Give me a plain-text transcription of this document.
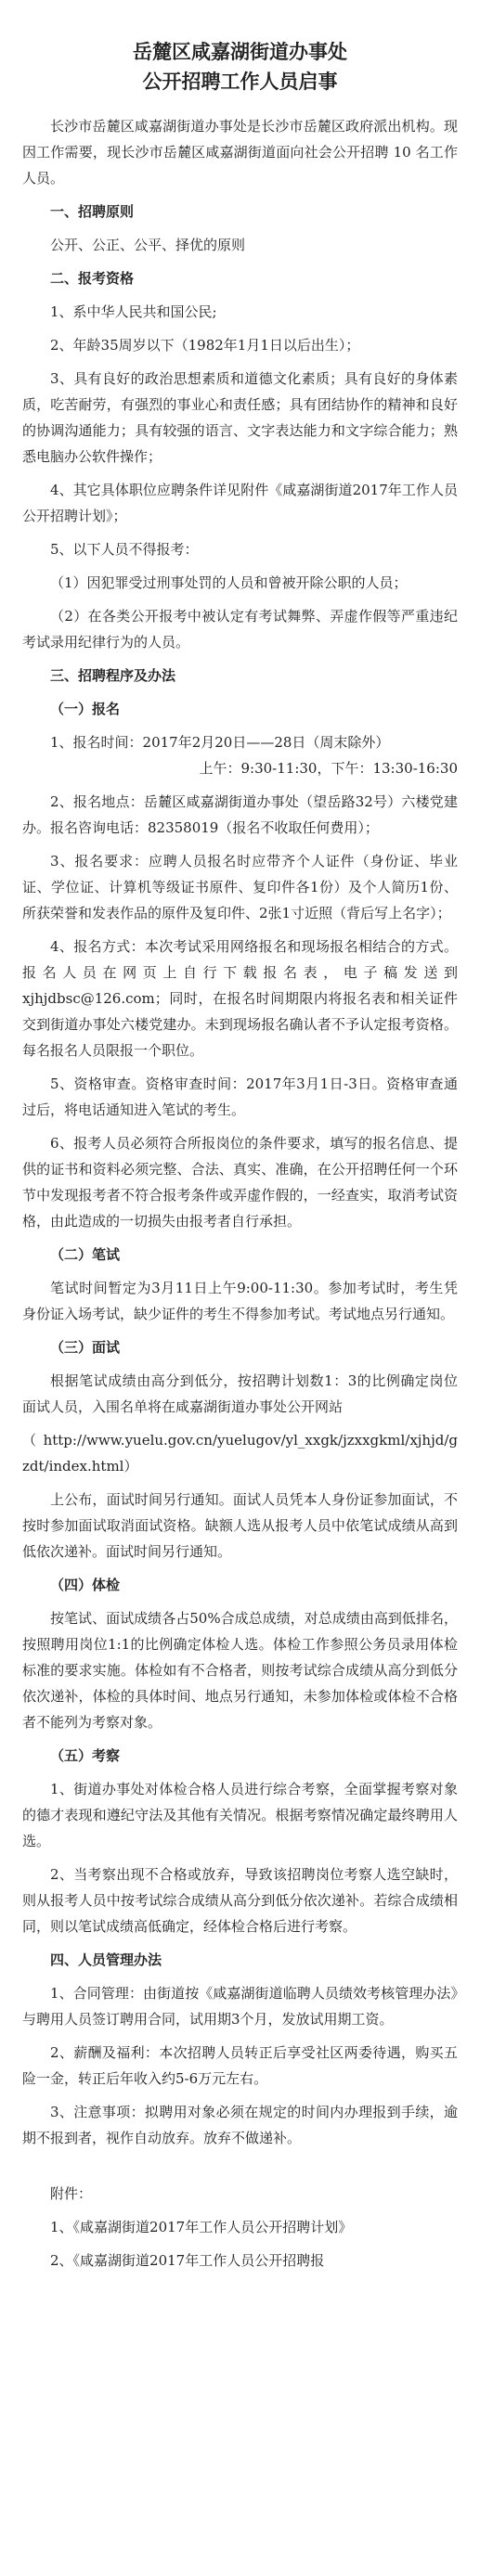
岳麓区咸嘉湖街道办事处
公开招聘工作人员启事

长沙市岳麓区咸嘉湖街道办事处是长沙市岳麓区政府派出机构。现因工作需要，现长沙市岳麓区咸嘉湖街道面向社会公开招聘 10 名工作人员。

一、招聘原则

公开、公正、公平、择优的原则

二、报考资格

1、系中华人民共和国公民;

2、年龄35周岁以下（1982年1月1日以后出生）；

3、具有良好的政治思想素质和道德文化素质；具有良好的身体素质，吃苦耐劳，有强烈的事业心和责任感；具有团结协作的精神和良好的协调沟通能力；具有较强的语言、文字表达能力和文字综合能力；熟悉电脑办公软件操作；

4、其它具体职位应聘条件详见附件《咸嘉湖街道2017年工作人员公开招聘计划》；

5、以下人员不得报考：

（1）因犯罪受过刑事处罚的人员和曾被开除公职的人员；

（2）在各类公开报考中被认定有考试舞弊、弄虚作假等严重违纪考试录用纪律行为的人员。

三、招聘程序及办法

（一）报名

1、报名时间：2017年2月20日——28日（周末除外）

上午：9:30-11:30，下午：13:30-16:30

2、报名地点：岳麓区咸嘉湖街道办事处（望岳路32号）六楼党建办。报名咨询电话：82358019（报名不收取任何费用）；

3、报名要求：应聘人员报名时应带齐个人证件（身份证、毕业证、学位证、计算机等级证书原件、复印件各1份）及个人简历1份、所获荣誉和发表作品的原件及复印件、2张1寸近照（背后写上名字）；

4、报名方式：本次考试采用网络报名和现场报名相结合的方式。报名人员在网页上自行下载报名表，电子稿发送到xjhjdbsc@126.com；同时，在报名时间期限内将报名表和相关证件交到街道办事处六楼党建办。未到现场报名确认者不予认定报考资格。每名报名人员限报一个职位。

5、资格审查。资格审查时间：2017年3月1日-3日。资格审查通过后，将电话通知进入笔试的考生。

6、报考人员必须符合所报岗位的条件要求，填写的报名信息、提供的证书和资料必须完整、合法、真实、准确，在公开招聘任何一个环节中发现报考者不符合报考条件或弄虚作假的，一经查实，取消考试资格，由此造成的一切损失由报考者自行承担。

（二）笔试

笔试时间暂定为3月11日上午9:00-11:30。参加考试时，考生凭身份证入场考试，缺少证件的考生不得参加考试。考试地点另行通知。

（三）面试

根据笔试成绩由高分到低分，按招聘计划数1：3的比例确定岗位面试人员，入围名单将在咸嘉湖街道办事处公开网站

（http://www.yuelu.gov.cn/yuelugov/yl_xxgk/jzxxgkml/xjhjd/gzdt/index.html）

上公布，面试时间另行通知。面试人员凭本人身份证参加面试，不按时参加面试取消面试资格。缺额人选从报考人员中依笔试成绩从高到低依次递补。面试时间另行通知。

（四）体检

按笔试、面试成绩各占50%合成总成绩，对总成绩由高到低排名，按照聘用岗位1:1的比例确定体检人选。体检工作参照公务员录用体检标准的要求实施。体检如有不合格者，则按考试综合成绩从高分到低分依次递补，体检的具体时间、地点另行通知，未参加体检或体检不合格者不能列为考察对象。

（五）考察

1、街道办事处对体检合格人员进行综合考察，全面掌握考察对象的德才表现和遵纪守法及其他有关情况。根据考察情况确定最终聘用人选。

2、当考察出现不合格或放弃，导致该招聘岗位考察人选空缺时，则从报考人员中按考试综合成绩从高分到低分依次递补。若综合成绩相同，则以笔试成绩高低确定，经体检合格后进行考察。

四、人员管理办法

1、合同管理：由街道按《咸嘉湖街道临聘人员绩效考核管理办法》与聘用人员签订聘用合同，试用期3个月，发放试用期工资。

2、薪酬及福利：本次招聘人员转正后享受社区两委待遇，购买五险一金，转正后年收入约5-6万元左右。

3、注意事项：拟聘用对象必须在规定的时间内办理报到手续，逾期不报到者，视作自动放弃。放弃不做递补。

附件：

1、《咸嘉湖街道2017年工作人员公开招聘计划》

2、《咸嘉湖街道2017年工作人员公开招聘报
